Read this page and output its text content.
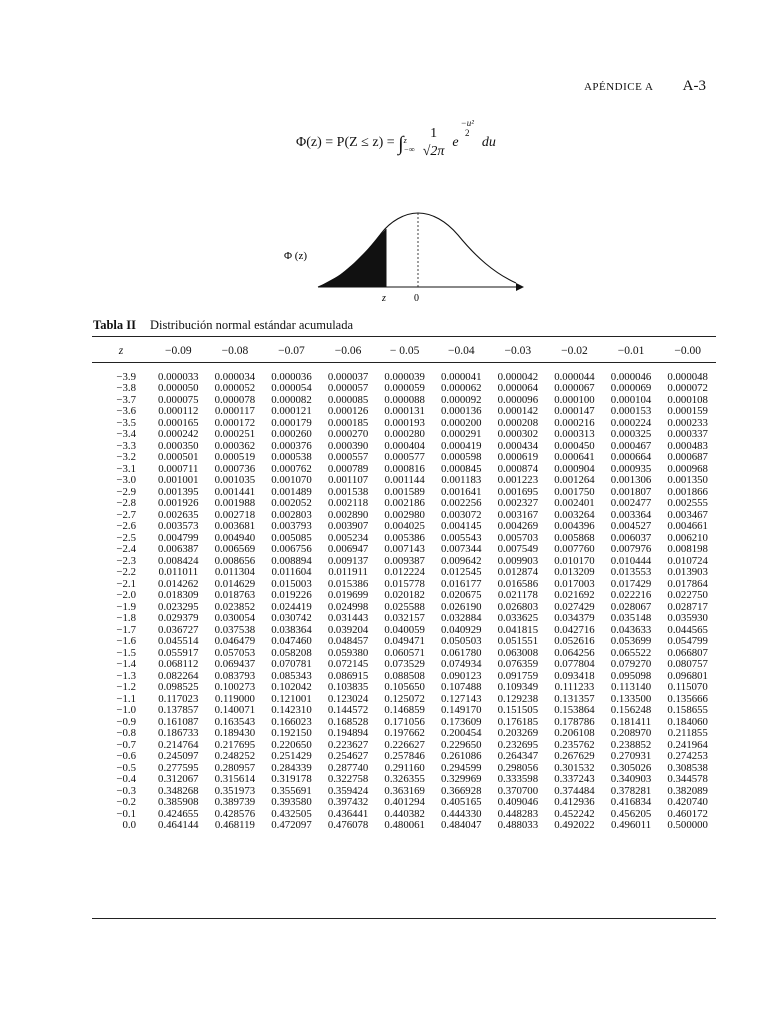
APÉNDICE A A-3
Φ(z) = P(Z ≤ z) = ∫ z
−∞
1
√2π
e
−u²
2
du
Φ (z)
z	0
Tabla II Distribución normal estándar acumulada
z	−0.09	−0.08	−0.07	−0.06	− 0.05	−0.04	−0.03	−0.02	−0.01	−0.00
−3.9	0.000033	0.000034	0.000036	0.000037	0.000039	0.000041	0.000042	0.000044	0.000046	0.000048
−3.8	0.000050	0.000052	0.000054	0.000057	0.000059	0.000062	0.000064	0.000067	0.000069	0.000072
−3.7	0.000075	0.000078	0.000082	0.000085	0.000088	0.000092	0.000096	0.000100	0.000104	0.000108
−3.6	0.000112	0.000117	0.000121	0.000126	0.000131	0.000136	0.000142	0.000147	0.000153	0.000159
−3.5	0.000165	0.000172	0.000179	0.000185	0.000193	0.000200	0.000208	0.000216	0.000224	0.000233
−3.4	0.000242	0.000251	0.000260	0.000270	0.000280	0.000291	0.000302	0.000313	0.000325	0.000337
−3.3	0.000350	0.000362	0.000376	0.000390	0.000404	0.000419	0.000434	0.000450	0.000467	0.000483
−3.2	0.000501	0.000519	0.000538	0.000557	0.000577	0.000598	0.000619	0.000641	0.000664	0.000687
−3.1	0.000711	0.000736	0.000762	0.000789	0.000816	0.000845	0.000874	0.000904	0.000935	0.000968
−3.0	0.001001	0.001035	0.001070	0.001107	0.001144	0.001183	0.001223	0.001264	0.001306	0.001350
−2.9	0.001395	0.001441	0.001489	0.001538	0.001589	0.001641	0.001695	0.001750	0.001807	0.001866
−2.8	0.001926	0.001988	0.002052	0.002118	0.002186	0.002256	0.002327	0.002401	0.002477	0.002555
−2.7	0.002635	0.002718	0.002803	0.002890	0.002980	0.003072	0.003167	0.003264	0.003364	0.003467
−2.6	0.003573	0.003681	0.003793	0.003907	0.004025	0.004145	0.004269	0.004396	0.004527	0.004661
−2.5	0.004799	0.004940	0.005085	0.005234	0.005386	0.005543	0.005703	0.005868	0.006037	0.006210
−2.4	0.006387	0.006569	0.006756	0.006947	0.007143	0.007344	0.007549	0.007760	0.007976	0.008198
−2.3	0.008424	0.008656	0.008894	0.009137	0.009387	0.009642	0.009903	0.010170	0.010444	0.010724
−2.2	0.011011	0.011304	0.011604	0.011911	0.012224	0.012545	0.012874	0.013209	0.013553	0.013903
−2.1	0.014262	0.014629	0.015003	0.015386	0.015778	0.016177	0.016586	0.017003	0.017429	0.017864
−2.0	0.018309	0.018763	0.019226	0.019699	0.020182	0.020675	0.021178	0.021692	0.022216	0.022750
−1.9	0.023295	0.023852	0.024419	0.024998	0.025588	0.026190	0.026803	0.027429	0.028067	0.028717
−1.8	0.029379	0.030054	0.030742	0.031443	0.032157	0.032884	0.033625	0.034379	0.035148	0.035930
−1.7	0.036727	0.037538	0.038364	0.039204	0.040059	0.040929	0.041815	0.042716	0.043633	0.044565
−1.6	0.045514	0.046479	0.047460	0.048457	0.049471	0.050503	0.051551	0.052616	0.053699	0.054799
−1.5	0.055917	0.057053	0.058208	0.059380	0.060571	0.061780	0.063008	0.064256	0.065522	0.066807
−1.4	0.068112	0.069437	0.070781	0.072145	0.073529	0.074934	0.076359	0.077804	0.079270	0.080757
−1.3	0.082264	0.083793	0.085343	0.086915	0.088508	0.090123	0.091759	0.093418	0.095098	0.096801
−1.2	0.098525	0.100273	0.102042	0.103835	0.105650	0.107488	0.109349	0.111233	0.113140	0.115070
−1.1	0.117023	0.119000	0.121001	0.123024	0.125072	0.127143	0.129238	0.131357	0.133500	0.135666
−1.0	0.137857	0.140071	0.142310	0.144572	0.146859	0.149170	0.151505	0.153864	0.156248	0.158655
−0.9	0.161087	0.163543	0.166023	0.168528	0.171056	0.173609	0.176185	0.178786	0.181411	0.184060
−0.8	0.186733	0.189430	0.192150	0.194894	0.197662	0.200454	0.203269	0.206108	0.208970	0.211855
−0.7	0.214764	0.217695	0.220650	0.223627	0.226627	0.229650	0.232695	0.235762	0.238852	0.241964
−0.6	0.245097	0.248252	0.251429	0.254627	0.257846	0.261086	0.264347	0.267629	0.270931	0.274253
−0.5	0.277595	0.280957	0.284339	0.287740	0.291160	0.294599	0.298056	0.301532	0.305026	0.308538
−0.4	0.312067	0.315614	0.319178	0.322758	0.326355	0.329969	0.333598	0.337243	0.340903	0.344578
−0.3	0.348268	0.351973	0.355691	0.359424	0.363169	0.366928	0.370700	0.374484	0.378281	0.382089
−0.2	0.385908	0.389739	0.393580	0.397432	0.401294	0.405165	0.409046	0.412936	0.416834	0.420740
−0.1	0.424655	0.428576	0.432505	0.436441	0.440382	0.444330	0.448283	0.452242	0.456205	0.460172
0.0	0.464144	0.468119	0.472097	0.476078	0.480061	0.484047	0.488033	0.492022	0.496011	0.500000
